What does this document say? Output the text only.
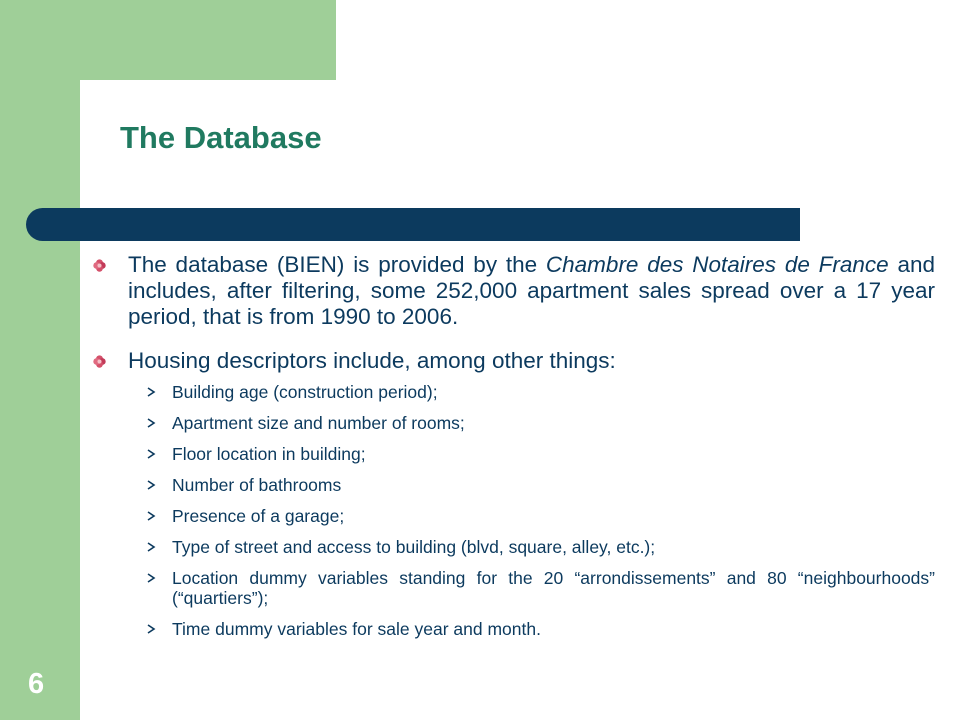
The Database
The database (BIEN) is provided by the Chambre des Notaires de France and includes, after filtering, some 252,000 apartment sales spread over a 17 year period, that is from 1990 to 2006.
Housing descriptors include, among other things:
Building age (construction period);
Apartment size and number of rooms;
Floor location in building;
Number of bathrooms
Presence of a garage;
Type of street and access to building (blvd, square, alley, etc.);
Location dummy variables standing for the 20 “arrondissements” and 80 “neighbourhoods” (“quartiers”);
Time dummy variables for sale year and month.
6
